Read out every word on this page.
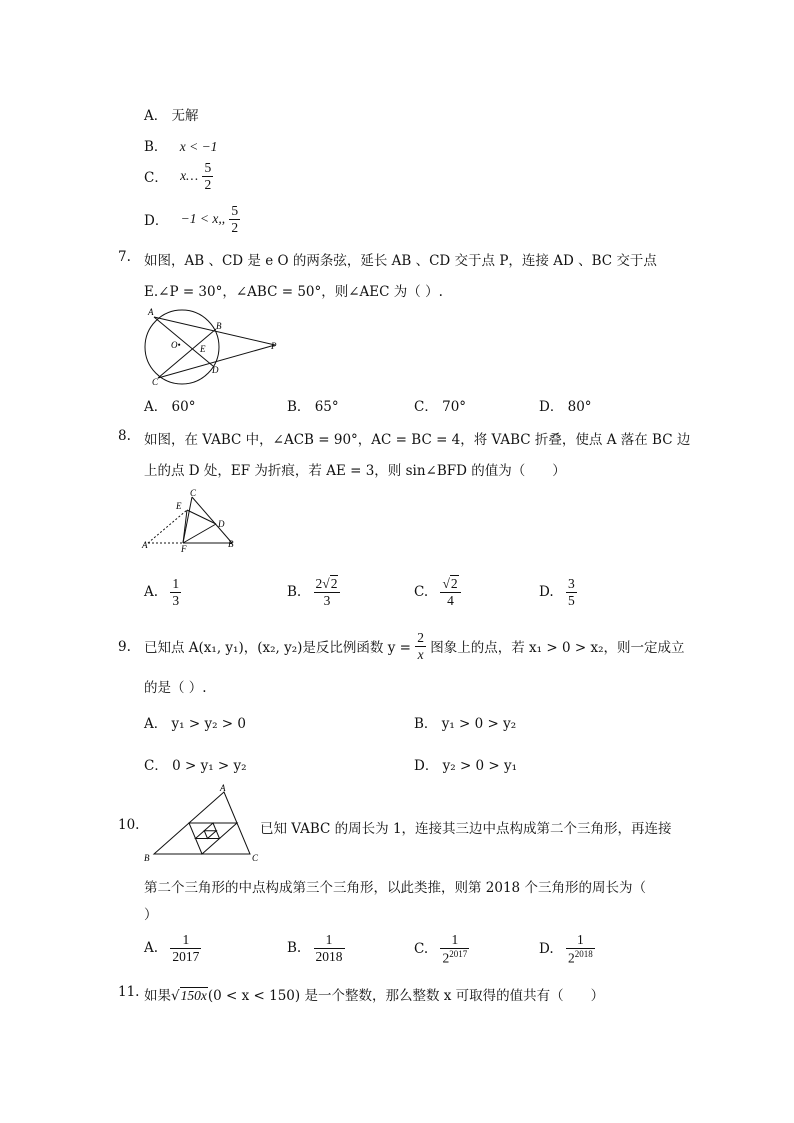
A． 无解
B． x < −1
C． x… $\frac{5}{2}$
D． −1 < x,, $\frac{5}{2}$
7. 如图，AB 、CD 是 e O 的两条弦，延长 AB 、CD 交于点 P，连接 AD 、BC 交于点
E.∠P = 30°，∠ABC = 50°，则∠AEC 为（ ）.
A
B
O• E	P
C
D
A． 60°	B． 65°	C． 70°	D． 80°
8. 如图，在 VABC 中，∠ACB = 90°，AC = BC = 4，将 VABC 折叠，使点 A 落在 BC 边
上的点 D 处，EF 为折痕，若 AE = 3，则 sin∠BFD 的值为（　　）
C
E
D
A	F	B
A. $\frac{1}{3}$	B. $\frac{2√2}{3}$	C. $\frac{√2}{4}$	D. $\frac{3}{5}$
9. 已知点 A(x₁, y₁)，(x₂, y₂)是反比例函数 $y = \frac{2}{x}$ 图象上的点，若 x₁ > 0 > x₂，则一定成立
的是（ ）.
A． y₁ > y₂ > 0	B． y₁ > 0 > y₂
C． 0 > y₁ > y₂	D． y₂ > 0 > y₁
10.
A
B	C
已知 VABC 的周长为 1，连接其三边中点构成第二个三角形，再连接
第二个三角形的中点构成第三个三角形，以此类推，则第 2018 个三角形的周长为（
）
A. $\frac{1}{2017}$	B. $\frac{1}{2018}$	C. $\frac{1}{2^{2017}}$	D. $\frac{1}{2^{2018}}$
11. 如果√150x(0 < x < 150) 是一个整数，那么整数 x 可取得的值共有（　　）
